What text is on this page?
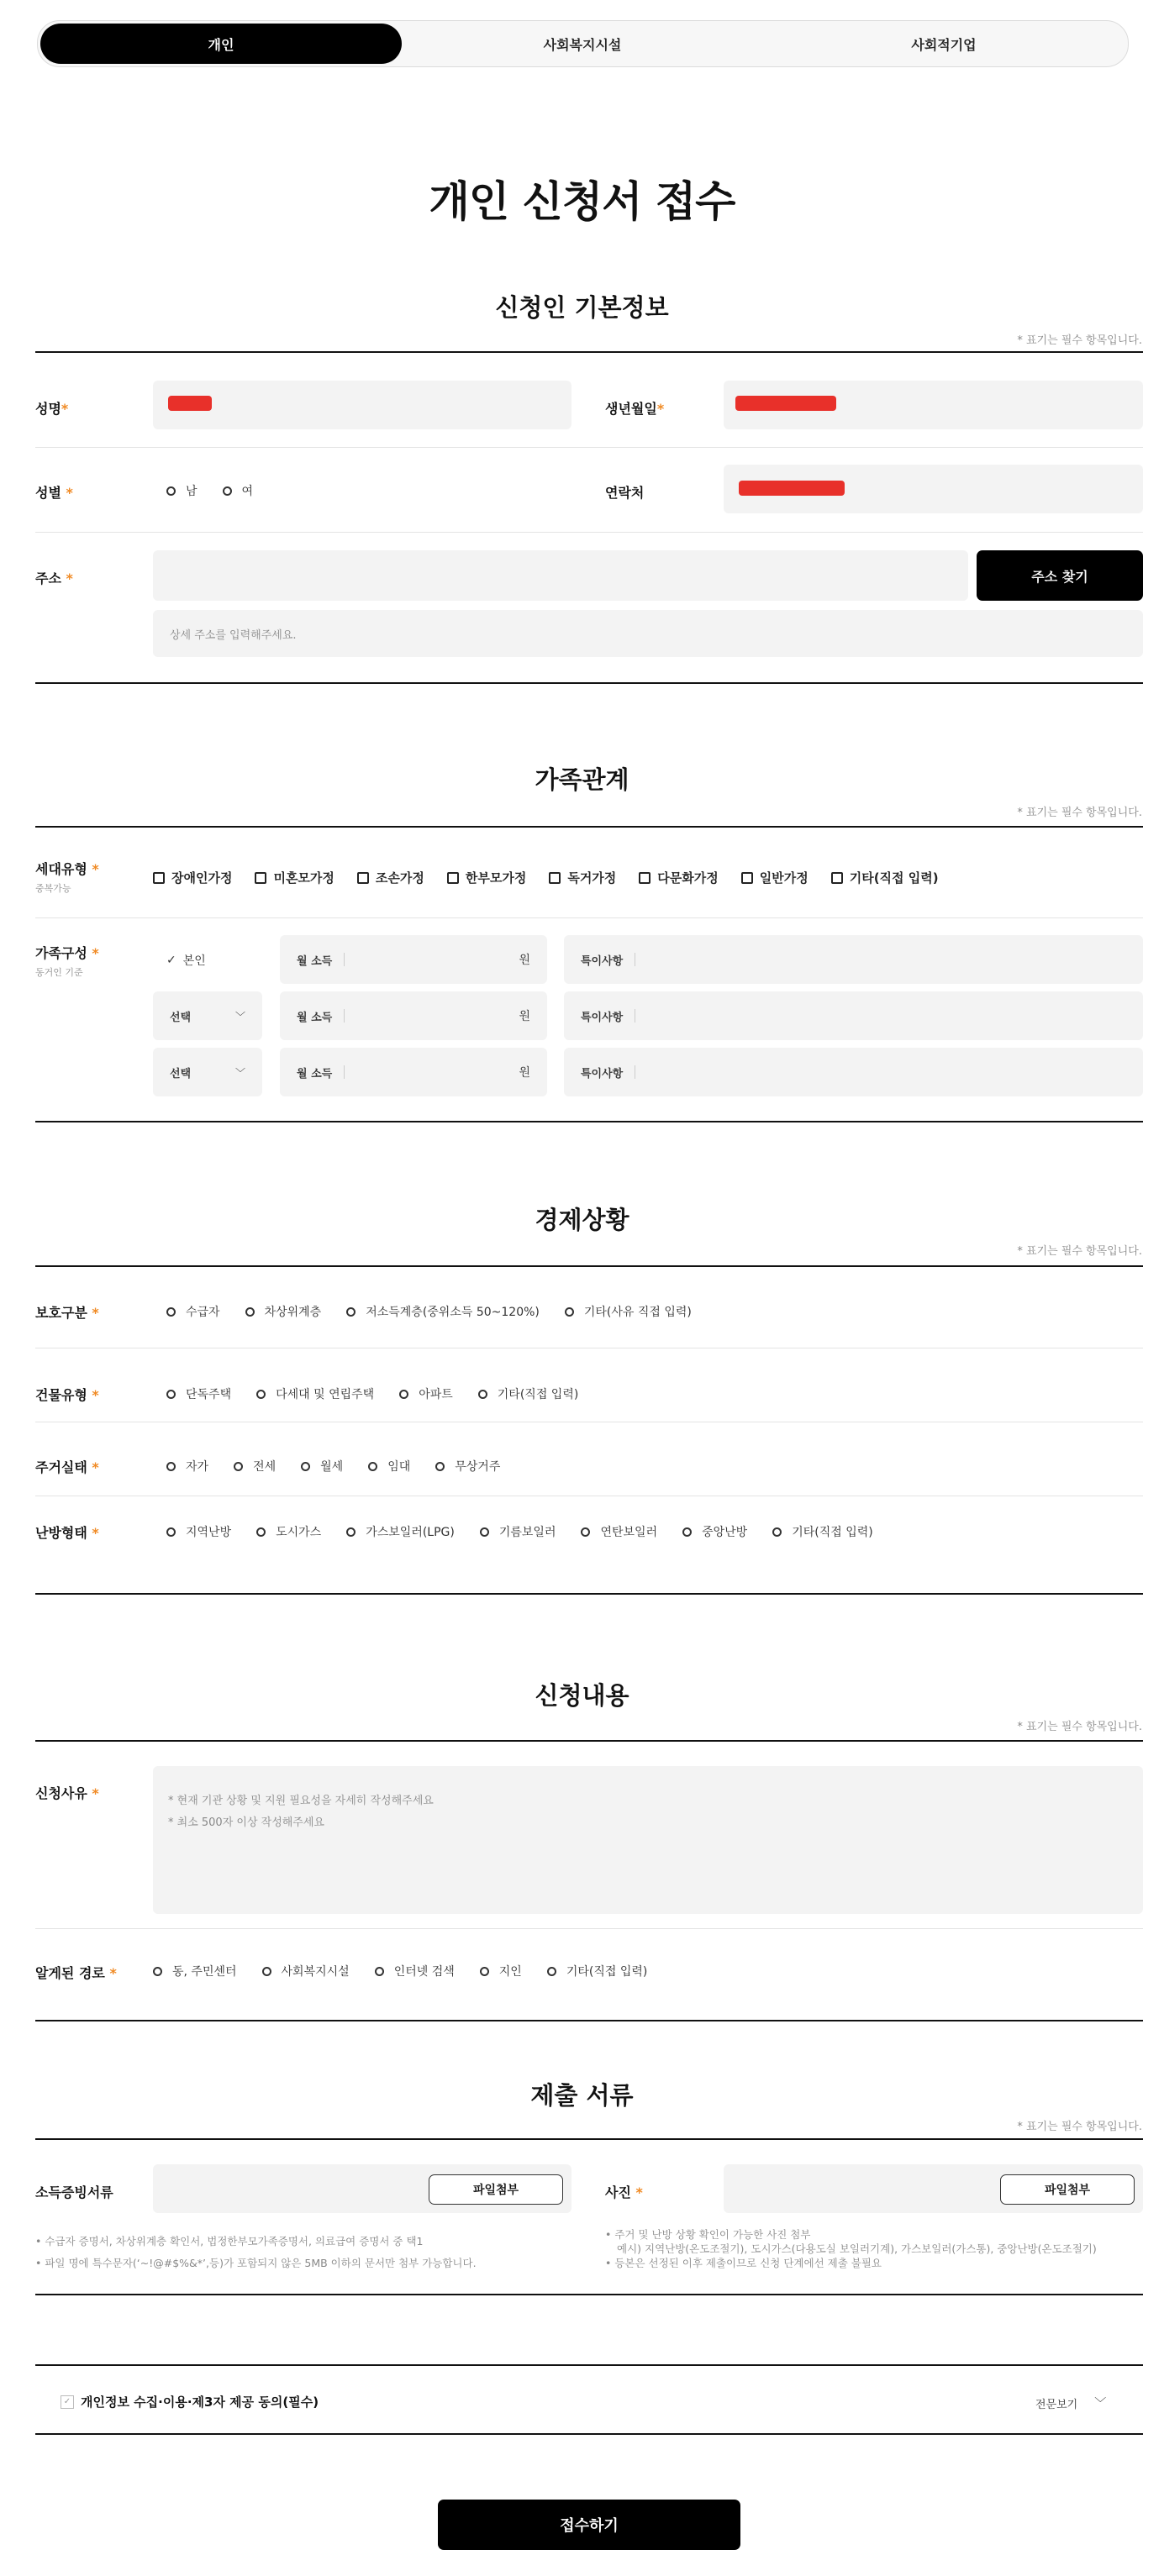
개인	사회복지시설	사회적기업
개인 신청서 접수
신청인 기본정보
* 표기는 필수 항목입니다.
성명*	생년월일*
성별 *	남	여	연락처
주소 *	주소 찾기
상세 주소를 입력해주세요.
가족관계
* 표기는 필수 항목입니다.
세대유형 *
중복가능
장애인가정	미혼모가정	조손가정	한부모가정	독거가정	다문화가정	일반가정	기타(직접 입력)
가족구성 *
동거인 기준
✓ 본인	월 소득	원	특이사항
선택	﹀	월 소득	원	특이사항
선택	﹀	월 소득	원	특이사항
경제상황
* 표기는 필수 항목입니다.
보호구분 *	수급자	차상위계층	저소득계층(중위소득 50~120%)	기타(사유 직접 입력)
건물유형 *	단독주택	다세대 및 연립주택	아파트	기타(직접 입력)
주거실태 *	자가	전세	월세	임대	무상거주
난방형태 *	지역난방	도시가스	가스보일러(LPG)	기름보일러	연탄보일러	중앙난방	기타(직접 입력)
신청내용
* 표기는 필수 항목입니다.
신청사유 *	* 현재 기관 상황 및 지원 필요성을 자세히 작성해주세요
* 최소 500자 이상 작성해주세요
알게된 경로 *	동, 주민센터	사회복지시설	인터넷 검색	지인	기타(직접 입력)
제출 서류
* 표기는 필수 항목입니다.
소득증빙서류	파일첨부	사진 *	파일첨부
• 수급자 증명서, 차상위계층 확인서, 법정한부모가족증명서, 의료급여 증명서 중 택1
• 파일 명에 특수문자(‘~!@#$%&*’,등)가 포함되지 않은 5MB 이하의 문서만 첨부 가능합니다.
• 주거 및 난방 상황 확인이 가능한 사진 첨부
예시) 지역난방(온도조절기), 도시가스(다용도실 보일러기계), 가스보일러(가스통), 중앙난방(온도조절기)
• 등본은 선정된 이후 제출이므로 신청 단계에선 제출 불필요
✓ 개인정보 수집·이용·제3자 제공 동의(필수)	전문보기 ﹀
접수하기
